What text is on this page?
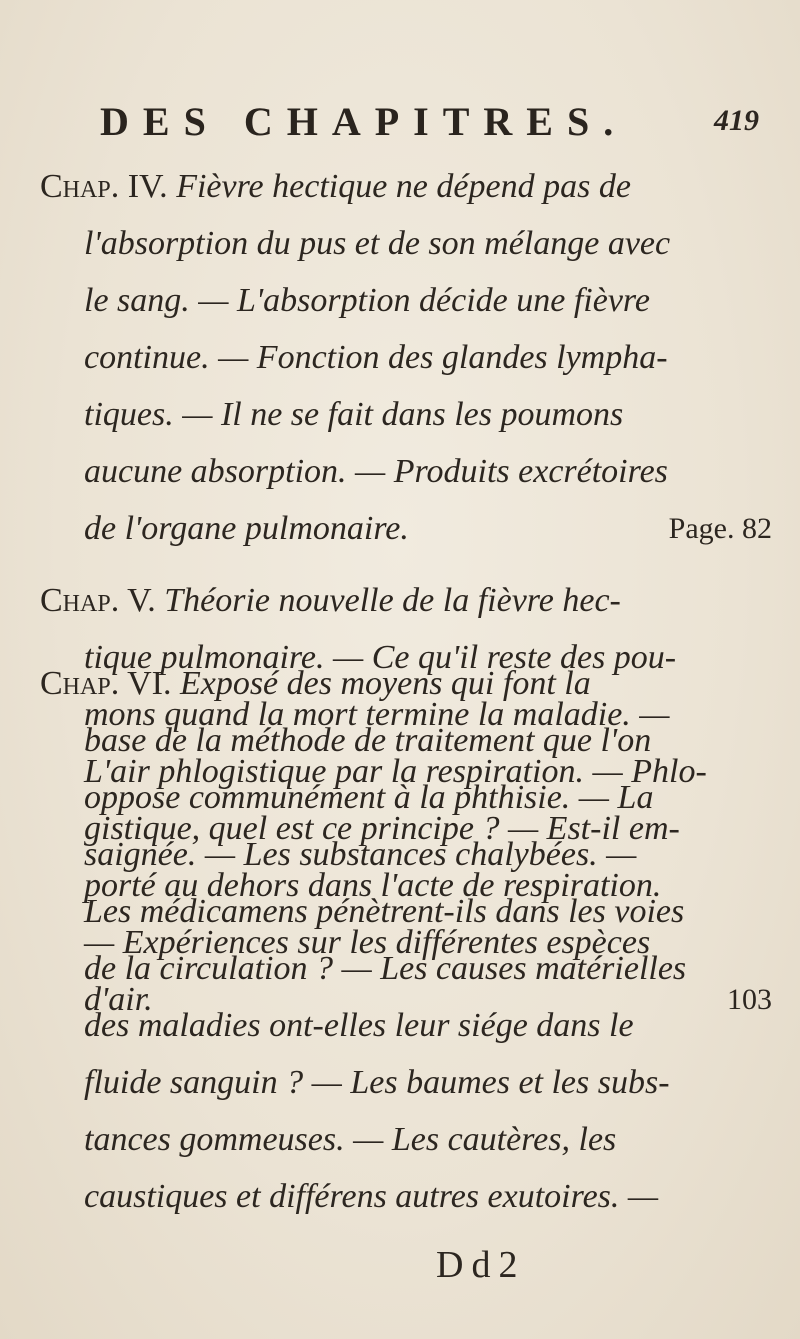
DES CHAPITRES.	419
Chap. IV. Fièvre hectique ne dépend pas de
l'absorption du pus et de son mélange avec
le sang. — L'absorption décide une fièvre
continue. — Fonction des glandes lympha-
tiques. — Il ne se fait dans les poumons
aucune absorption. — Produits excrétoires
de l'organe pulmonaire.	Page. 82
Chap. V. Théorie nouvelle de la fièvre hec-
tique pulmonaire. — Ce qu'il reste des pou-
mons quand la mort termine la maladie. —
L'air phlogistique par la respiration. — Phlo-
gistique, quel est ce principe ? — Est-il em-
porté au dehors dans l'acte de respiration.
— Expériences sur les différentes espèces
d'air.	103
Dd2
Chap. VI. Exposé des moyens qui font la
base de la méthode de traitement que l'on
oppose communément à la phthisie. — La
saignée. — Les substances chalybées. —
Les médicamens pénètrent-ils dans les voies
de la circulation ? — Les causes matérielles
des maladies ont-elles leur siége dans le
fluide sanguin ? — Les baumes et les subs-
tances gommeuses. — Les cautères, les
caustiques et différens autres exutoires. —
